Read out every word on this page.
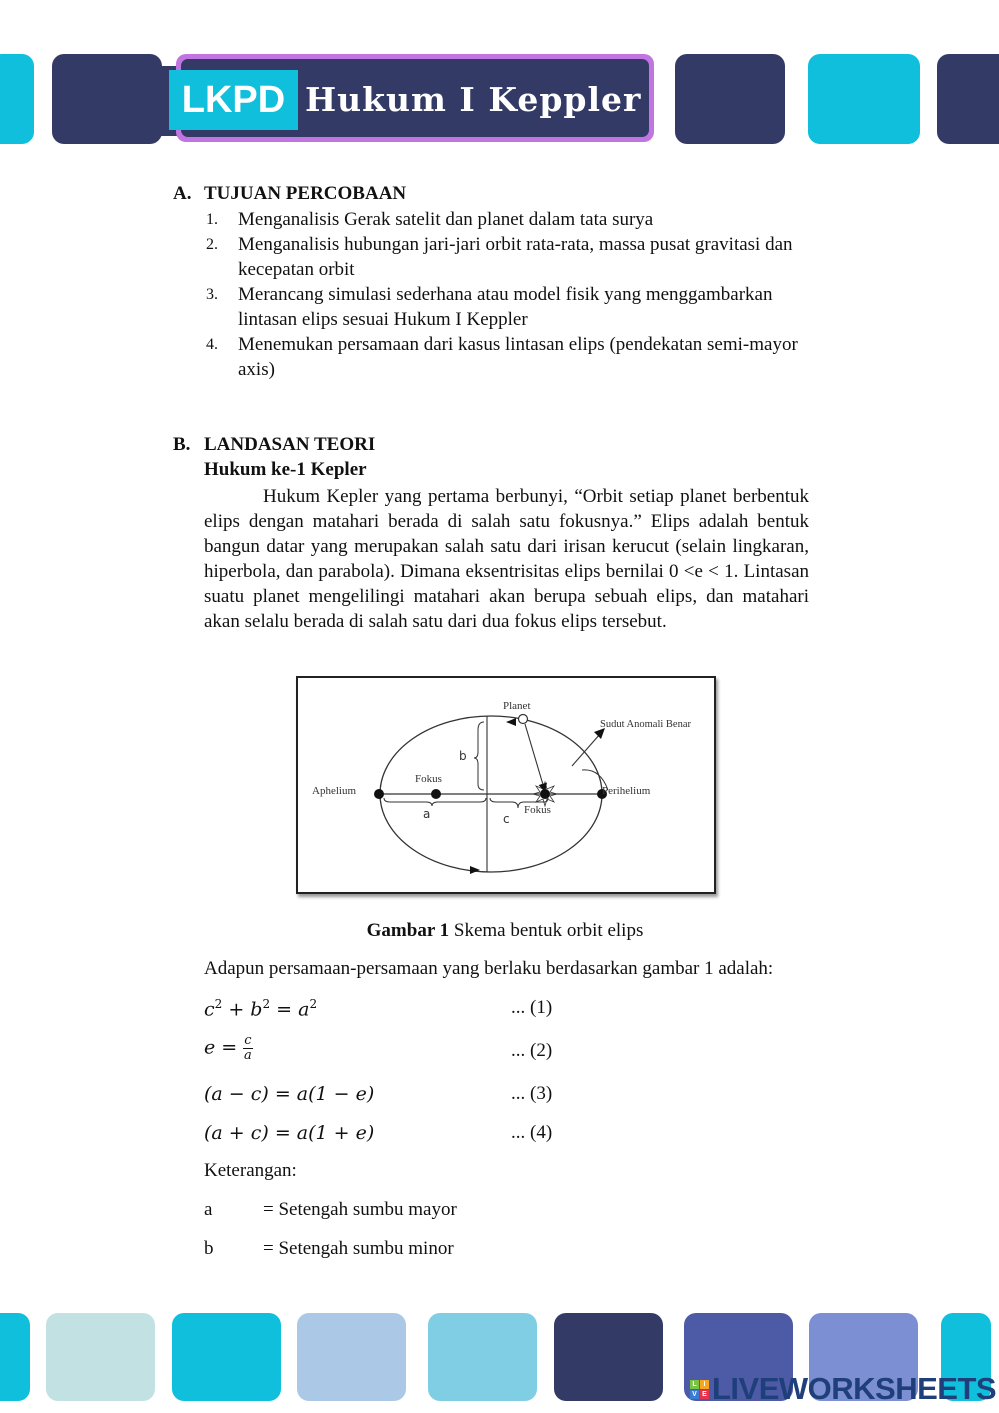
LKPD Hukum I Keppler
A. TUJUAN PERCOBAAN
1. Menganalisis Gerak satelit dan planet dalam tata surya
2. Menganalisis hubungan jari-jari orbit rata-rata, massa pusat gravitasi dan kecepatan orbit
3. Merancang simulasi sederhana atau model fisik yang menggambarkan lintasan elips sesuai Hukum I Keppler
4. Menemukan persamaan dari kasus lintasan elips (pendekatan semi-mayor axis)
B. LANDASAN TEORI
Hukum ke-1 Kepler
Hukum Kepler yang pertama berbunyi, “Orbit setiap planet berbentuk elips dengan matahari berada di salah satu fokusnya.” Elips adalah bentuk bangun datar yang merupakan salah satu dari irisan kerucut (selain lingkaran, hiperbola, dan parabola). Dimana eksentrisitas elips bernilai 0 <e < 1. Lintasan suatu planet mengelilingi matahari akan berupa sebuah elips, dan matahari akan selalu berada di salah satu dari dua fokus elips tersebut.
Planet
Sudut Anomali Benar
Aphelium	Perihelium
Fokus
Fokus
a
b
c
Gambar 1 Skema bentuk orbit elips
Adapun persamaan-persamaan yang berlaku berdasarkan gambar 1 adalah:
$c^2 + b^2 = a^2$	... (1)
$e = \frac{c}{a}$	... (2)
(a − c) = a(1 − e)	... (3)
(a + c) = a(1 + e)	... (4)
Keterangan:
a	= Setengah sumbu mayor
b	= Setengah sumbu minor
L I
V E LIVEWORKSHEETS
